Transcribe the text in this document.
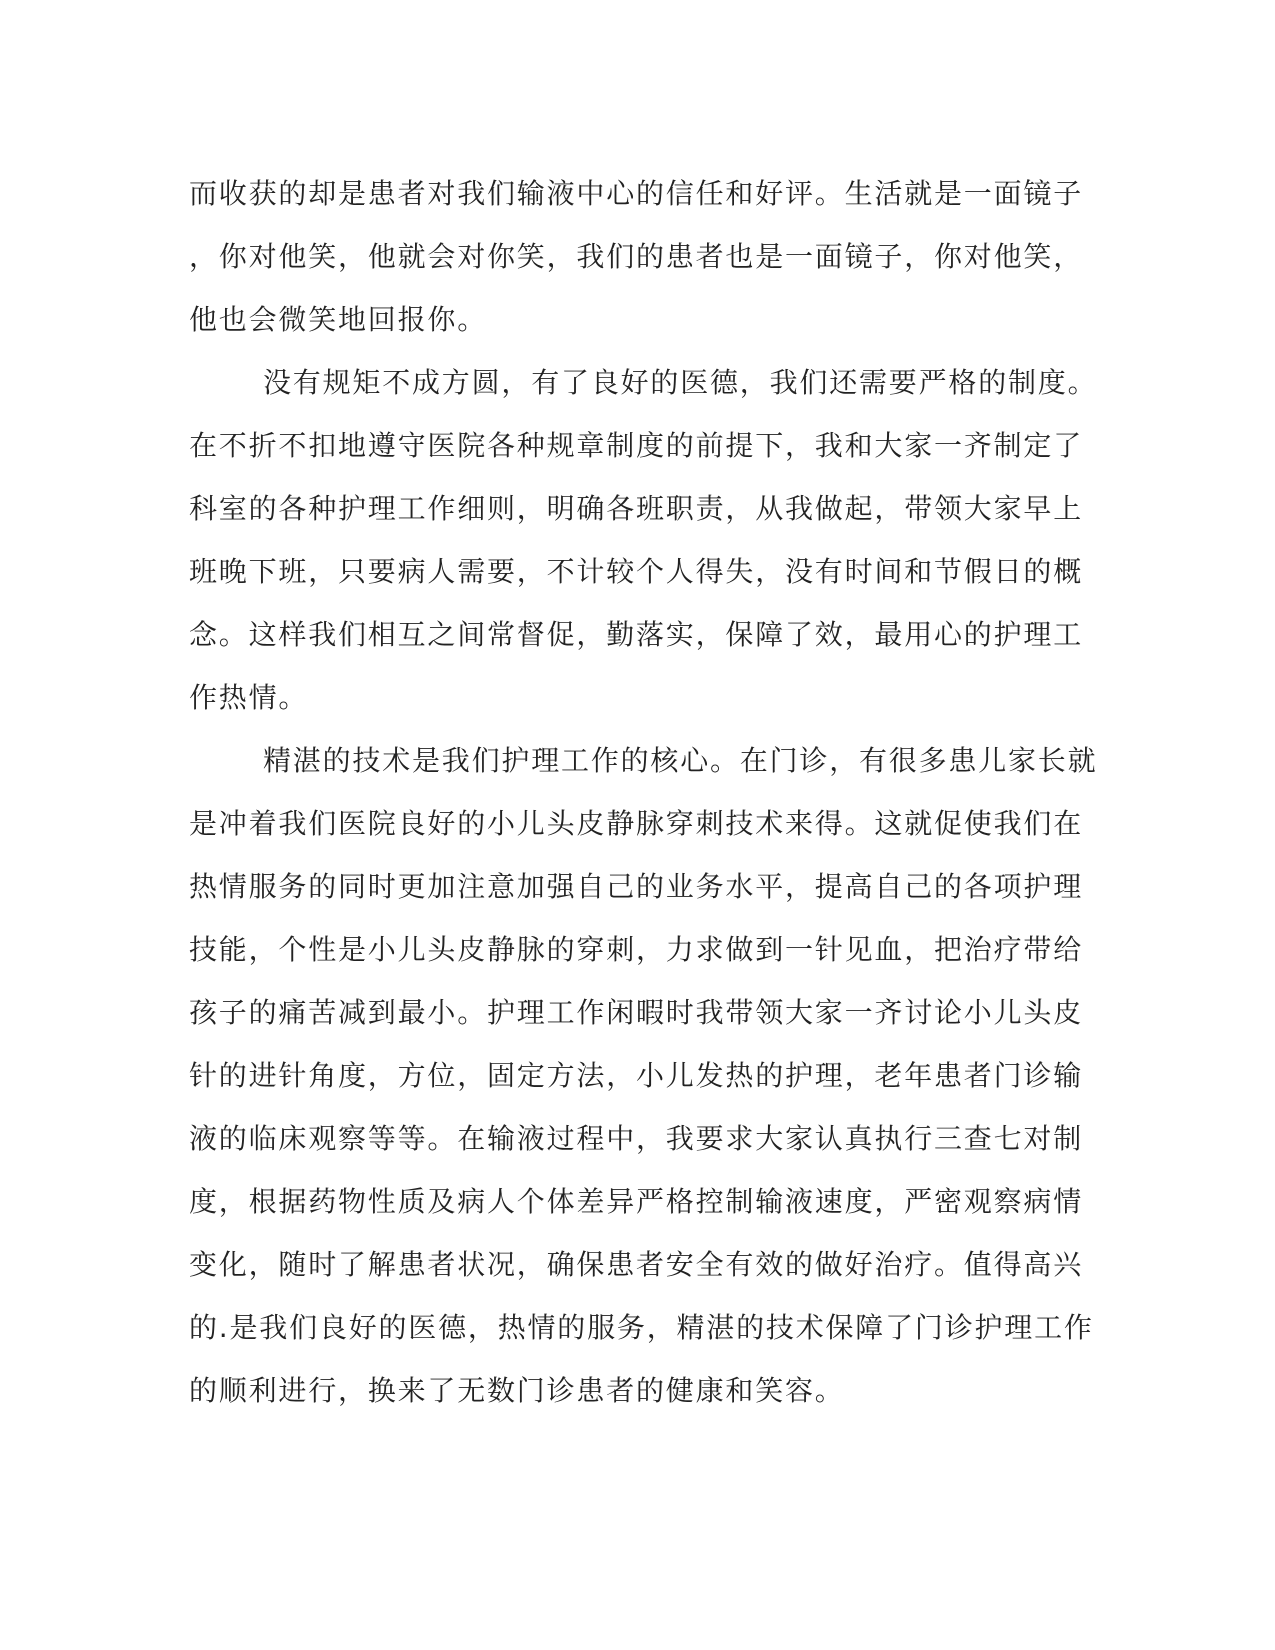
而收获的却是患者对我们输液中心的信任和好评。生活就是一面镜子
，你对他笑，他就会对你笑，我们的患者也是一面镜子，你对他笑，
他也会微笑地回报你。
没有规矩不成方圆，有了良好的医德，我们还需要严格的制度。
在不折不扣地遵守医院各种规章制度的前提下，我和大家一齐制定了
科室的各种护理工作细则，明确各班职责，从我做起，带领大家早上
班晚下班，只要病人需要，不计较个人得失，没有时间和节假日的概
念。这样我们相互之间常督促，勤落实，保障了效，最用心的护理工
作热情。
精湛的技术是我们护理工作的核心。在门诊，有很多患儿家长就
是冲着我们医院良好的小儿头皮静脉穿刺技术来得。这就促使我们在
热情服务的同时更加注意加强自己的业务水平，提高自己的各项护理
技能，个性是小儿头皮静脉的穿刺，力求做到一针见血，把治疗带给
孩子的痛苦减到最小。护理工作闲暇时我带领大家一齐讨论小儿头皮
针的进针角度，方位，固定方法，小儿发热的护理，老年患者门诊输
液的临床观察等等。在输液过程中，我要求大家认真执行三查七对制
度，根据药物性质及病人个体差异严格控制输液速度，严密观察病情
变化，随时了解患者状况，确保患者安全有效的做好治疗。值得高兴
的.是我们良好的医德，热情的服务，精湛的技术保障了门诊护理工作
的顺利进行，换来了无数门诊患者的健康和笑容。
